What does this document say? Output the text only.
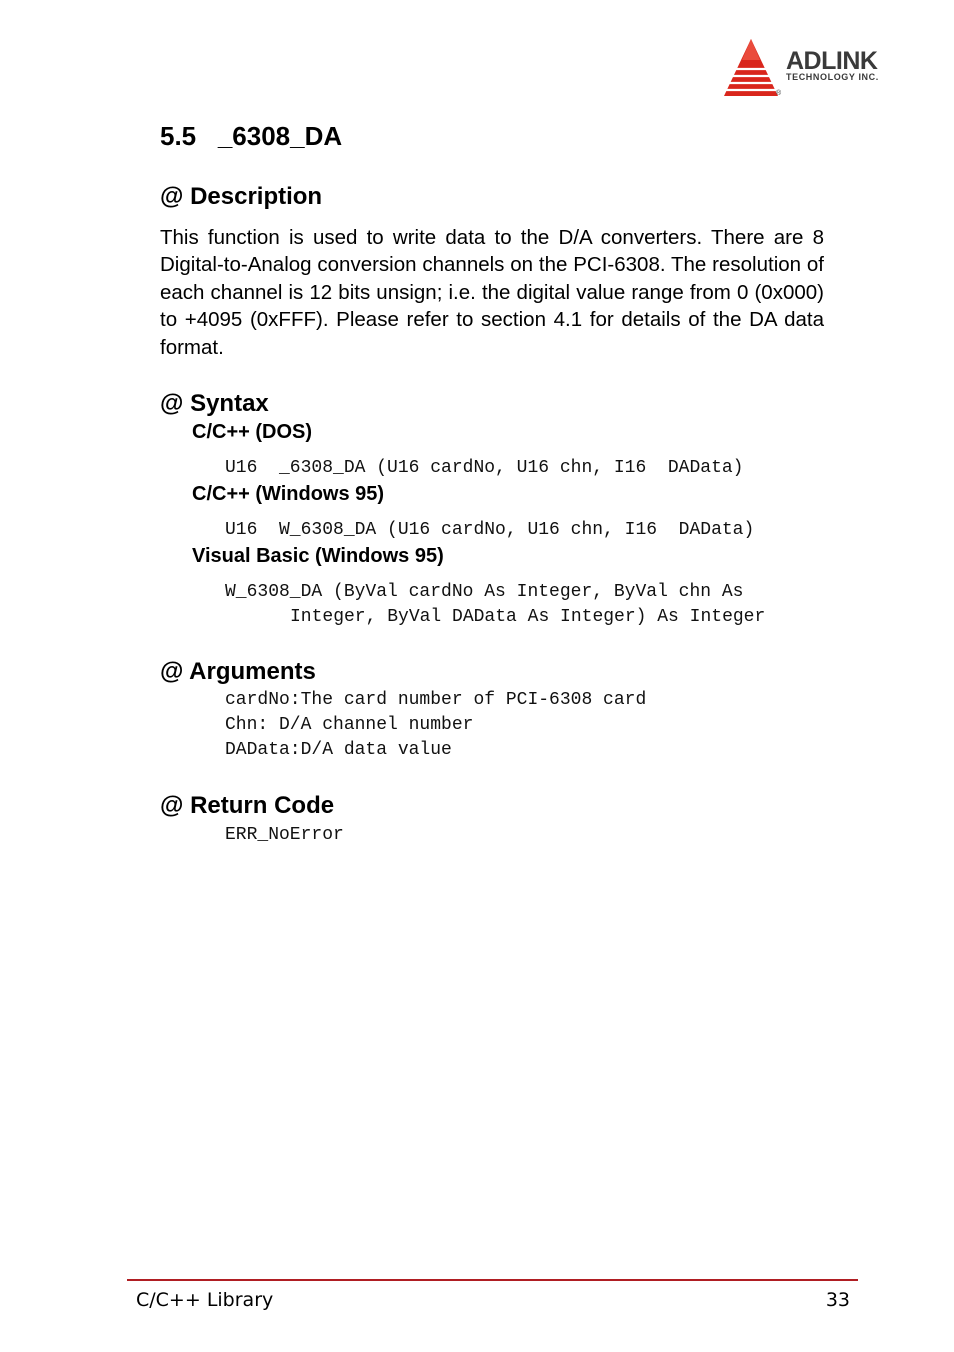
ADLINK
TECHNOLOGY INC.
®
5.5 _6308_DA
@ Description

This function is used to write data to the D/A converters. There are 8 Digital-to-Analog conversion channels on the PCI-6308. The resolution of each channel is 12 bits unsign; i.e. the digital value range from 0 (0x000) to +4095 (0xFFF). Please refer to section 4.1 for details of the DA data format.

@ Syntax
C/C++ (DOS)
U16  _6308_DA (U16 cardNo, U16 chn, I16  DAData)
C/C++ (Windows 95)
U16  W_6308_DA (U16 cardNo, U16 chn, I16  DAData)
Visual Basic (Windows 95)
W_6308_DA (ByVal cardNo As Integer, ByVal chn As
Integer, ByVal DAData As Integer) As Integer
@ Arguments
cardNo:The card number of PCI-6308 card
Chn: D/A channel number
DAData:D/A data value
@ Return Code
ERR_NoError
C/C++ Library	33
